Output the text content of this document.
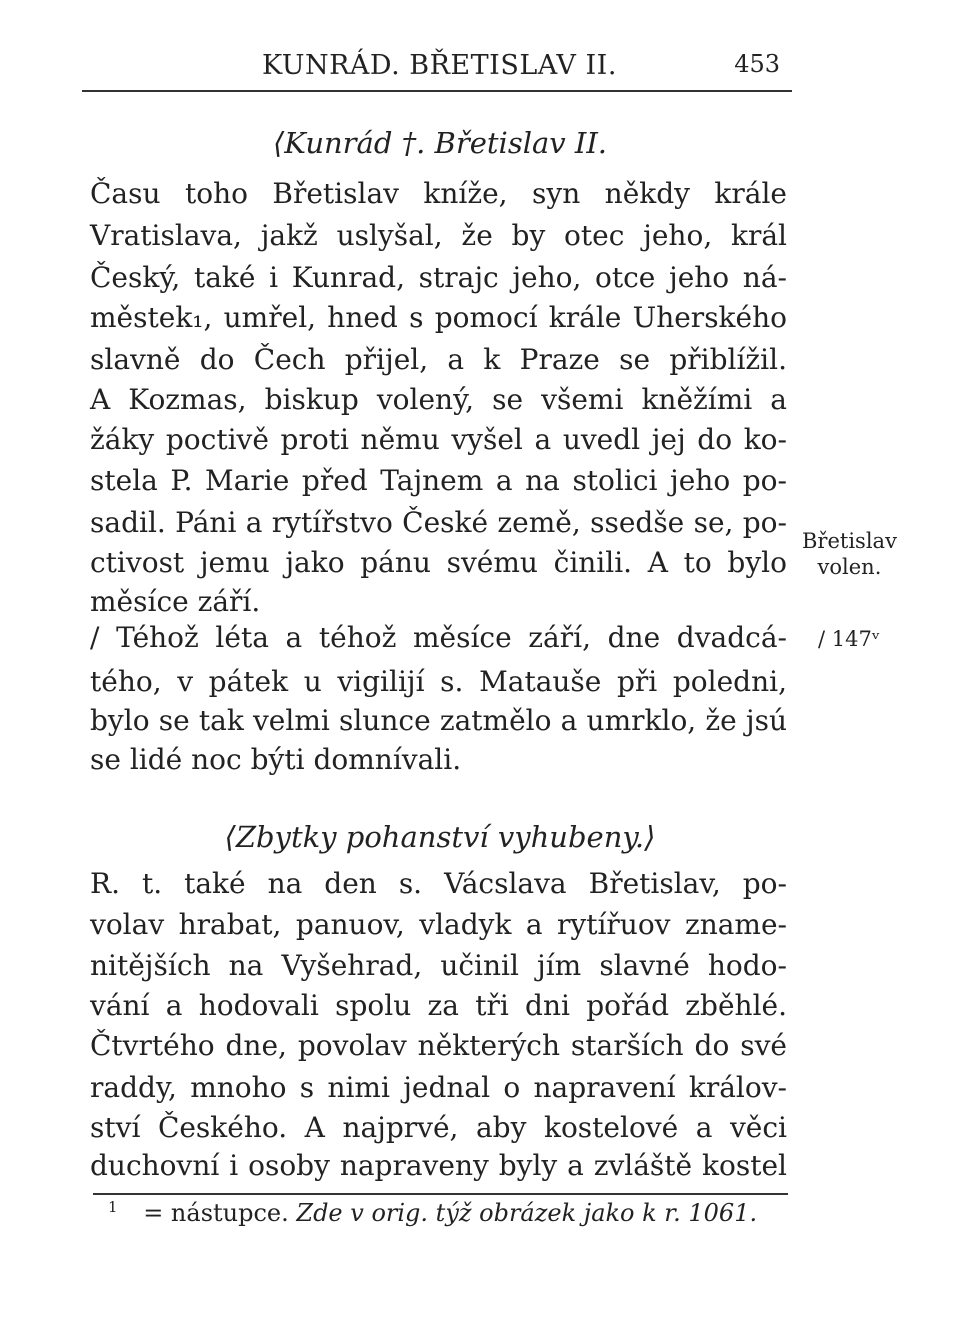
KUNRÁD. BŘETISLAV II.	453
⟨Kunrád †. Břetislav II.
Času toho Břetislav kníže, syn někdy krále
Vratislava, jakž uslyšal, že by otec jeho, král
Český, také i Kunrad, strajc jeho, otce jeho ná-
městek₁, umřel, hned s pomocí krále Uherského
slavně do Čech přijel, a k Praze se přiblížil.
A Kozmas, biskup volený, se všemi kněžími a
žáky poctivě proti němu vyšel a uvedl jej do ko-
stela P. Marie před Tajnem a na stolici jeho po-
sadil. Páni a rytířstvo České země, ssedše se, po-
ctivost jemu jako pánu svému činili. A to bylo
měsíce září.
/ Téhož léta a téhož měsíce září, dne dvadcá-
tého, v pátek u vigilijí s. Matauše při poledni,
bylo se tak velmi slunce zatmělo a umrklo, že jsú
se lidé noc býti domnívali.
Břetislav
volen.
/ 147ᵛ
⟨Zbytky pohanství vyhubeny.⟩
R. t. také na den s. Vácslava Břetislav, po-
volav hrabat, panuov, vladyk a rytířuov zname-
nitějších na Vyšehrad, učinil jím slavné hodo-
vání a hodovali spolu za tři dni pořád zběhlé.
Čtvrtého dne, povolav některých starších do své
raddy, mnoho s nimi jednal o napravení králov-
ství Českého. A najprvé, aby kostelové a věci
duchovní i osoby napraveny byly a zvláště kostel
$^1$ = nástupce. Zde v orig. týž obrázek jako k r. 1061.
